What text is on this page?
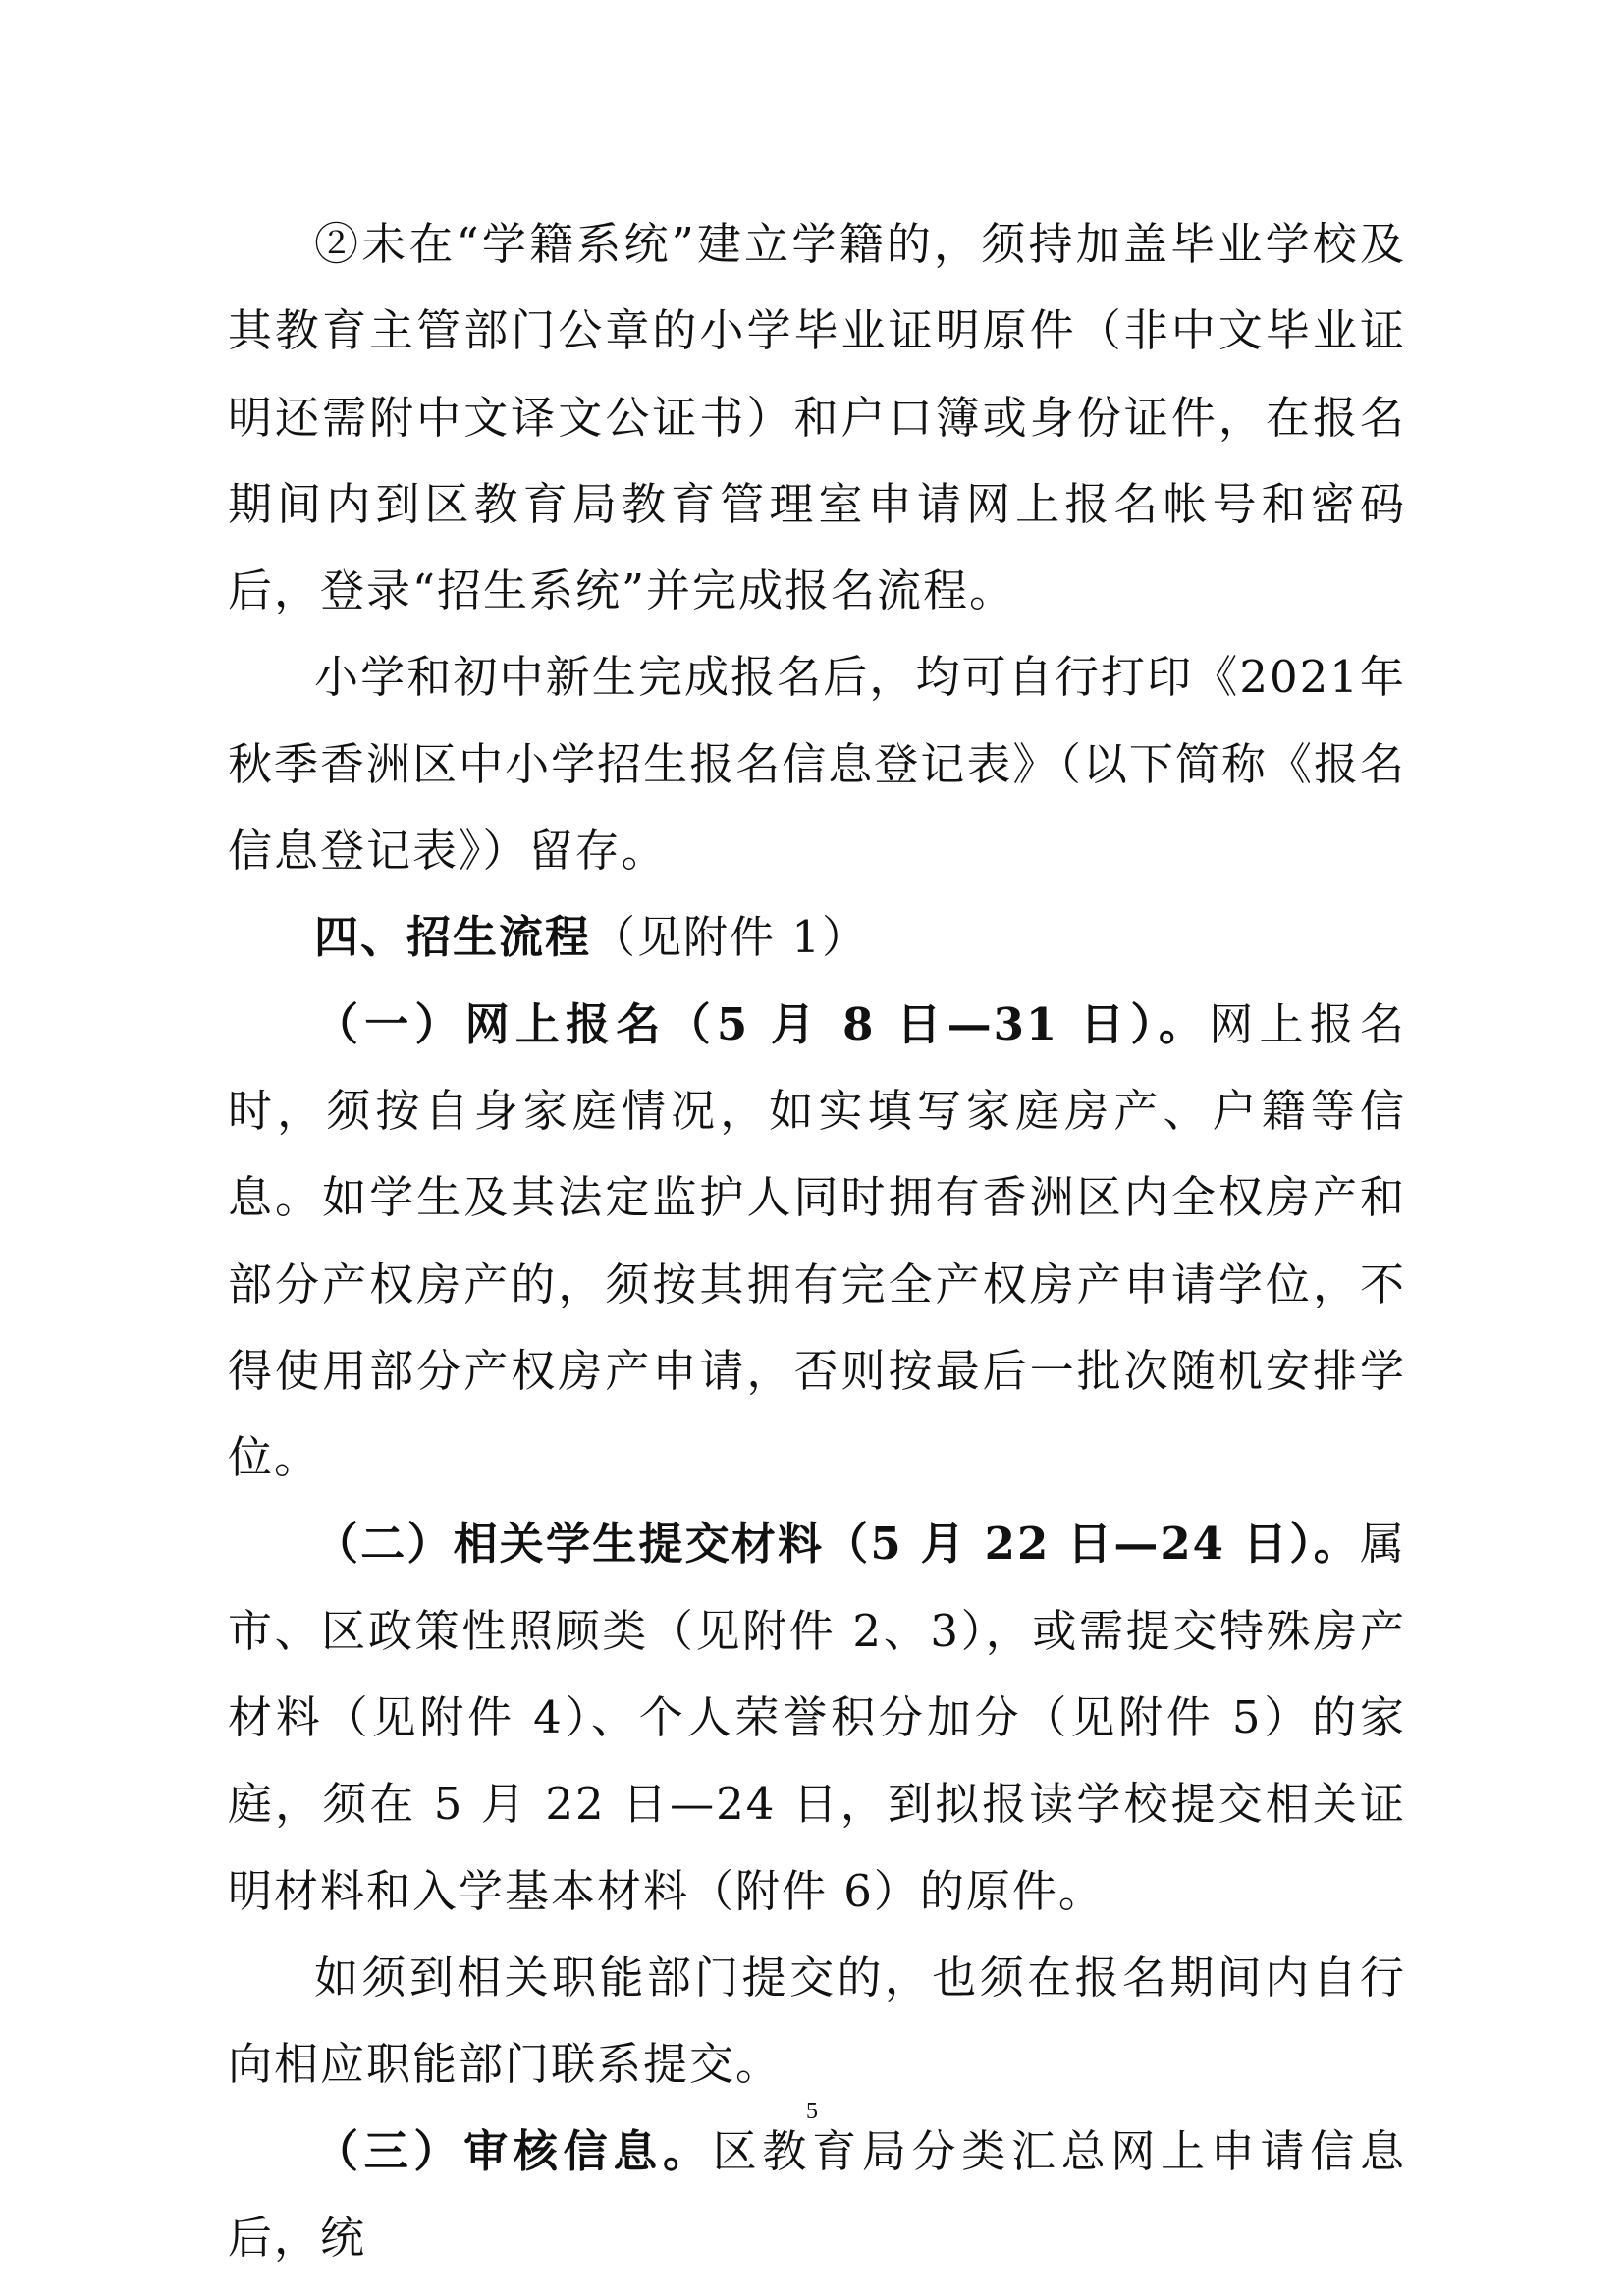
②未在“学籍系统”建立学籍的，须持加盖毕业学校及其教育主管部门公章的小学毕业证明原件（非中文毕业证明还需附中文译文公证书）和户口簿或身份证件，在报名期间内到区教育局教育管理室申请网上报名帐号和密码后，登录“招生系统”并完成报名流程。

小学和初中新生完成报名后，均可自行打印《2021年秋季香洲区中小学招生报名信息登记表》（以下简称《报名信息登记表》）留存。

四、招生流程（见附件 1）

（一）网上报名（5 月 8 日—31 日）。网上报名时，须按自身家庭情况，如实填写家庭房产、户籍等信息。如学生及其法定监护人同时拥有香洲区内全权房产和部分产权房产的，须按其拥有完全产权房产申请学位，不得使用部分产权房产申请，否则按最后一批次随机安排学位。

（二）相关学生提交材料（5 月 22 日—24 日）。属市、区政策性照顾类（见附件 2、3），或需提交特殊房产材料（见附件 4）、个人荣誉积分加分（见附件 5）的家庭，须在 5 月 22 日—24 日，到拟报读学校提交相关证明材料和入学基本材料（附件 6）的原件。

如须到相关职能部门提交的，也须在报名期间内自行向相应职能部门联系提交。

（三）审核信息。区教育局分类汇总网上申请信息后，统

5
